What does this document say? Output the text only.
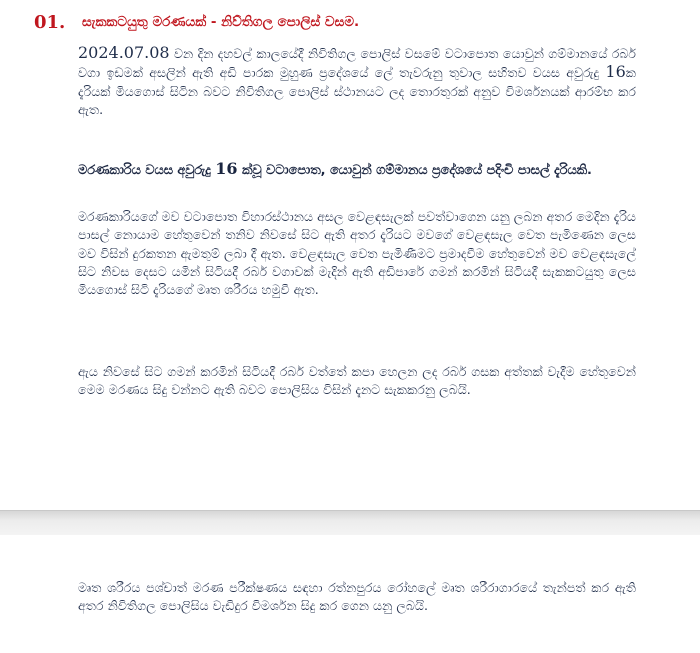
01. සැකකටයුතු මරණයක් - නිව්තිගල පොලිස් වසම.

2024.07.08 වන දින දහවල් කාලයේදී නිවිතිගල පොලිස් වසමේ වටාපොත යොවුන් ගම්මානයේ රබර් වගා ඉඩමක් අසලින් ඇති අඩි පාරක මුහුණ ප්‍රදේශයේ ලේ තැවරුනු තුවාල සහිතව වයස අවුරුදු 16ක දැරියක් මියගොස් සිටින බවට නිවිතිගල පොලිස් ස්ථානයට ලද තොරතුරක් අනුව විමර්ශනයක් ආරම්භ කර ඇත.

මරණකාරිය වයස අවුරුදු 16 ක්වූ වටාපොත, යොවුන් ගම්මානය ප්‍රදේශයේ පදිංචි පාසල් දැරියකි.

මරණකාරියගේ මව වටාපොත විහාරස්ථානය අසල වෙළඳසැලක් පවත්වාගෙන යනු ලබන අතර මෙදින දැරිය පාසල් නොයාම හේතුවෙන් තනිව නිවසේ සිට ඇති අතර දැරියට මවගේ වෙළඳසැල වෙත පැමිණෙන ලෙස මව විසින් දුරකතන ඇමතුම් ලබා දී ඇත. වෙළඳසැල වෙත පැමිණීමට ප්‍රමාදවීම හේතුවෙන් මව වෙළඳසැලේ සිට නිවස දෙසට යමින් සිටියදී රබර් වගාවක් මැදින් ඇති අඩිපාරේ ගමන් කරමින් සිටියදී සැකකටයුතු ලෙස මියගොස් සිටි දැරියගේ මෘත ශරීරය හමුවී ඇත.

ඇය නිවසේ සිට ගමන් කරමින් සිටියදී රබර් වත්තේ කපා හෙලන ලද රබර් ගසක අත්තක් වැදීම හේතුවෙන් මෙම මරණය සිදු වන්නට ඇති බවට පොලිසිය විසින් දැනට සැකකරනු ලබයි.

මෘත ශරීරය පශ්චාත් මරණ පරීක්ෂණය සඳහා රත්නපුරය රෝහලේ මෘත ශරීරාගාරයේ තැන්පත් කර ඇති අතර නිවිතිගල පොලිසිය වැඩිදුර විමර්ශන සිදු කර ගෙන යනු ලබයි.
